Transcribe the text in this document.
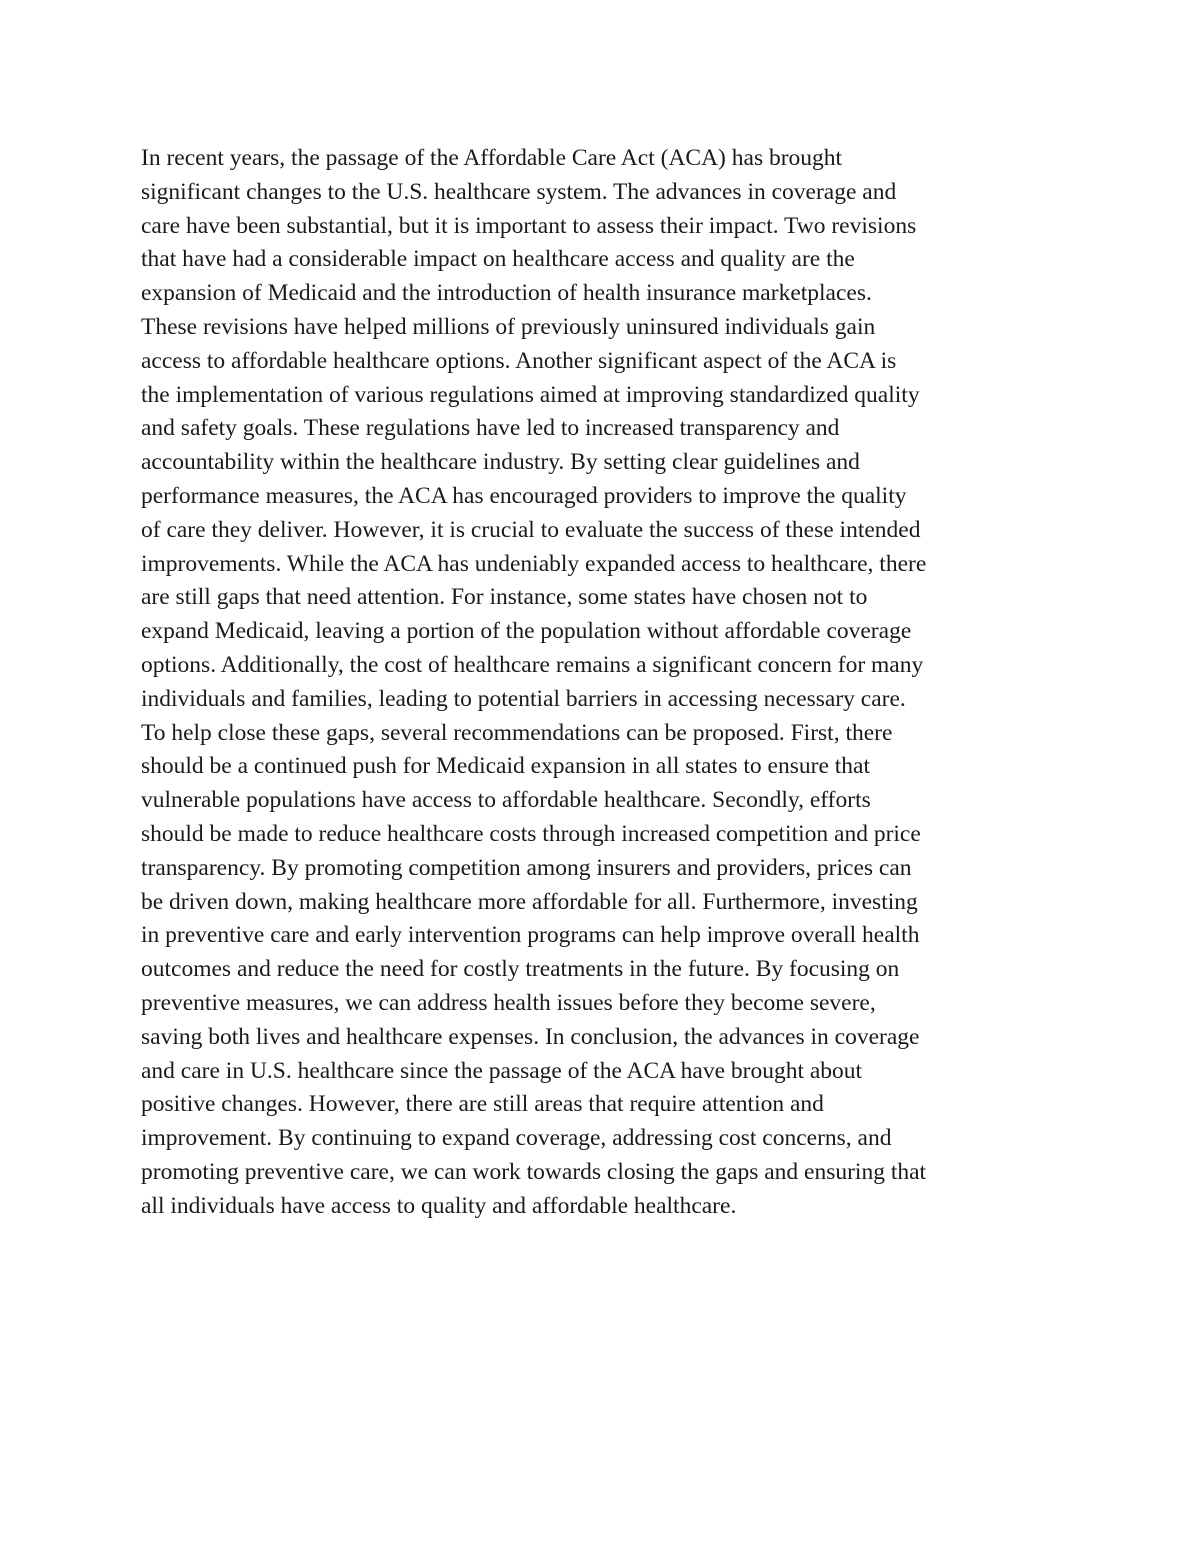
In recent years, the passage of the Affordable Care Act (ACA) has brought
significant changes to the U.S. healthcare system. The advances in coverage and
care have been substantial, but it is important to assess their impact. Two revisions
that have had a considerable impact on healthcare access and quality are the
expansion of Medicaid and the introduction of health insurance marketplaces.
These revisions have helped millions of previously uninsured individuals gain
access to affordable healthcare options. Another significant aspect of the ACA is
the implementation of various regulations aimed at improving standardized quality
and safety goals. These regulations have led to increased transparency and
accountability within the healthcare industry. By setting clear guidelines and
performance measures, the ACA has encouraged providers to improve the quality
of care they deliver. However, it is crucial to evaluate the success of these intended
improvements. While the ACA has undeniably expanded access to healthcare, there
are still gaps that need attention. For instance, some states have chosen not to
expand Medicaid, leaving a portion of the population without affordable coverage
options. Additionally, the cost of healthcare remains a significant concern for many
individuals and families, leading to potential barriers in accessing necessary care.
To help close these gaps, several recommendations can be proposed. First, there
should be a continued push for Medicaid expansion in all states to ensure that
vulnerable populations have access to affordable healthcare. Secondly, efforts
should be made to reduce healthcare costs through increased competition and price
transparency. By promoting competition among insurers and providers, prices can
be driven down, making healthcare more affordable for all. Furthermore, investing
in preventive care and early intervention programs can help improve overall health
outcomes and reduce the need for costly treatments in the future. By focusing on
preventive measures, we can address health issues before they become severe,
saving both lives and healthcare expenses. In conclusion, the advances in coverage
and care in U.S. healthcare since the passage of the ACA have brought about
positive changes. However, there are still areas that require attention and
improvement. By continuing to expand coverage, addressing cost concerns, and
promoting preventive care, we can work towards closing the gaps and ensuring that
all individuals have access to quality and affordable healthcare.
